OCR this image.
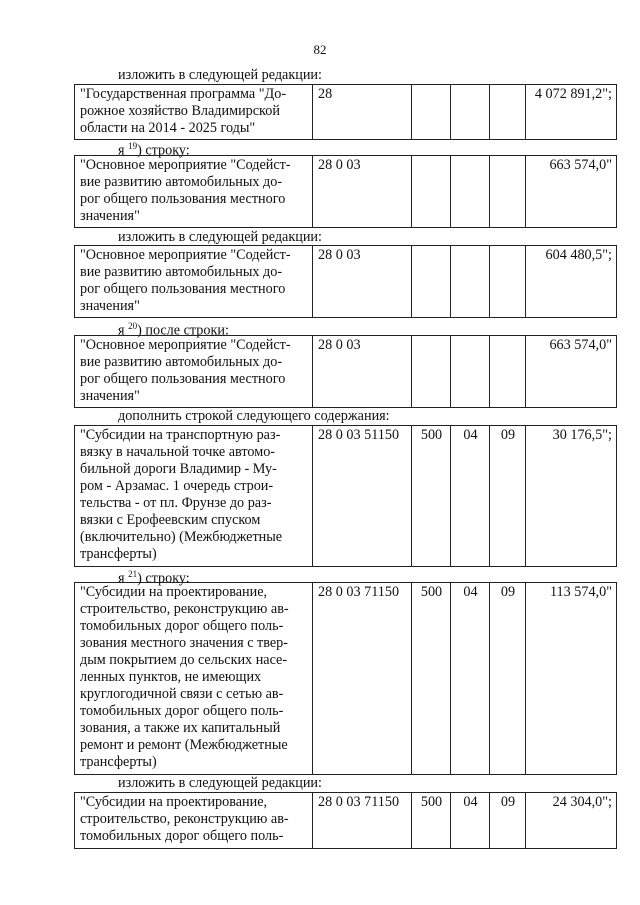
82
изложить в следующей редакции:
"Государственная программа "До-
рожное хозяйство Владимирской
области на 2014 - 2025 годы"
	28				4 072 891,2";
я $^{19}$) строку:
"Основное мероприятие "Содейст-
вие развитию автомобильных до-
рог общего пользования местного
значения"
	28 0 03				663 574,0"
изложить в следующей редакции:
"Основное мероприятие "Содейст-
вие развитию автомобильных до-
рог общего пользования местного
значения"
	28 0 03				604 480,5";
я $^{20}$) после строки:
"Основное мероприятие "Содейст-
вие развитию автомобильных до-
рог общего пользования местного
значения"
	28 0 03				663 574,0"
дополнить строкой следующего содержания:
"Субсидии на транспортную раз-
вязку в начальной точке автомо-
бильной дороги Владимир - Му-
ром - Арзамас. 1 очередь строи-
тельства - от пл. Фрунзе до раз-
вязки с Ерофеевским спуском
(включительно) (Межбюджетные
трансферты)
	28 0 03 51150	500	04	09	30 176,5";
я $^{21}$) строку:
"Субсидии на проектирование,
строительство, реконструкцию ав-
томобильных дорог общего поль-
зования местного значения с твер-
дым покрытием до сельских насе-
ленных пунктов, не имеющих
круглогодичной связи с сетью ав-
томобильных дорог общего поль-
зования, а также их капитальный
ремонт и ремонт (Межбюджетные
трансферты)
	28 0 03 71150	500	04	09	113 574,0"
изложить в следующей редакции:
"Субсидии на проектирование,
строительство, реконструкцию ав-
томобильных дорог общего поль-
	28 0 03 71150	500	04	09	24 304,0";
